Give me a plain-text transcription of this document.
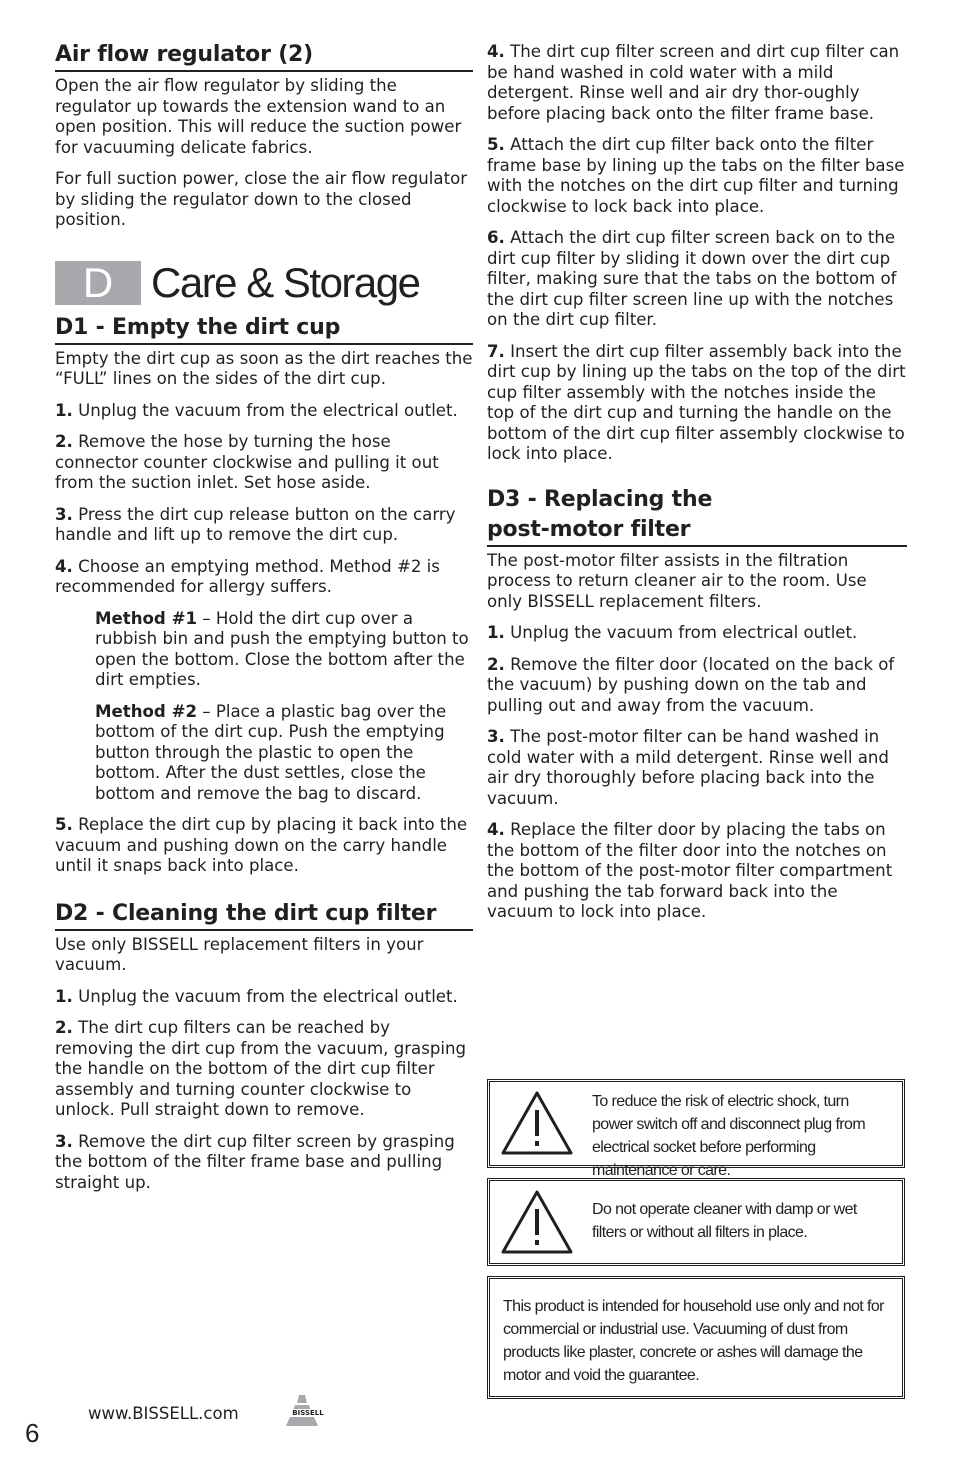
Air flow regulator (2)

Open the air flow regulator by sliding the regulator up towards the extension wand to an open position. This will reduce the suction power for vacuuming delicate fabrics.

For full suction power, close the air flow regulator by sliding the regulator down to the closed position.

D Care & Storage
D1 - Empty the dirt cup

Empty the dirt cup as soon as the dirt reaches the “FULL” lines on the sides of the dirt cup.

1. Unplug the vacuum from the electrical outlet.

2. Remove the hose by turning the hose connector counter clockwise and pulling it out from the suction inlet. Set hose aside.

3. Press the dirt cup release button on the carry handle and lift up to remove the dirt cup.

4. Choose an emptying method. Method #2 is recommended for allergy suffers.

Method #1 – Hold the dirt cup over a rubbish bin and push the emptying button to open the bottom. Close the bottom after the dirt empties.

Method #2 – Place a plastic bag over the bottom of the dirt cup. Push the emptying button through the plastic to open the bottom. After the dust settles, close the bottom and remove the bag to discard.

5. Replace the dirt cup by placing it back into the vacuum and pushing down on the carry handle until it snaps back into place.

D2 - Cleaning the dirt cup filter

Use only BISSELL replacement filters in your vacuum.

1. Unplug the vacuum from the electrical outlet.

2. The dirt cup filters can be reached by removing the dirt cup from the vacuum, grasping the handle on the bottom of the dirt cup filter assembly and turning counter clockwise to unlock. Pull straight down to remove.

3. Remove the dirt cup filter screen by grasping the bottom of the filter frame base and pulling straight up.

4. The dirt cup filter screen and dirt cup filter can be hand washed in cold water with a mild detergent. Rinse well and air dry thor-oughly before placing back onto the filter frame base.

5. Attach the dirt cup filter back onto the filter frame base by lining up the tabs on the filter base with the notches on the dirt cup filter and turning clockwise to lock back into place.

6. Attach the dirt cup filter screen back on to the dirt cup filter by sliding it down over the dirt cup filter, making sure that the tabs on the bottom of the dirt cup filter screen line up with the notches on the dirt cup filter.

7. Insert the dirt cup filter assembly back into the dirt cup by lining up the tabs on the top of the dirt cup filter assembly with the notches inside the top of the dirt cup and turning the handle on the bottom of the dirt cup filter assembly clockwise to lock into place.

D3 - Replacing the
post-motor filter

The post-motor filter assists in the filtration process to return cleaner air to the room. Use only BISSELL replacement filters.

1. Unplug the vacuum from electrical outlet.

2. Remove the filter door (located on the back of the vacuum) by pushing down on the tab and pulling out and away from the vacuum.

3. The post-motor filter can be hand washed in cold water with a mild detergent. Rinse well and air dry thoroughly before placing back into the vacuum.

4. Replace the filter door by placing the tabs on the bottom of the filter door into the notches on the bottom of the post-motor filter compartment and pushing the tab forward back into the vacuum to lock into place.

To reduce the risk of electric shock, turn power switch off and disconnect plug from electrical socket before performing maintenance or care.
Do not operate cleaner with damp or wet filters or without all filters in place.
This product is intended for household use only and not for commercial or industrial use. Vacuuming of dust from products like plaster, concrete or ashes will damage the motor and void the guarantee.
www.BISSELL.com	BISSELL
6
